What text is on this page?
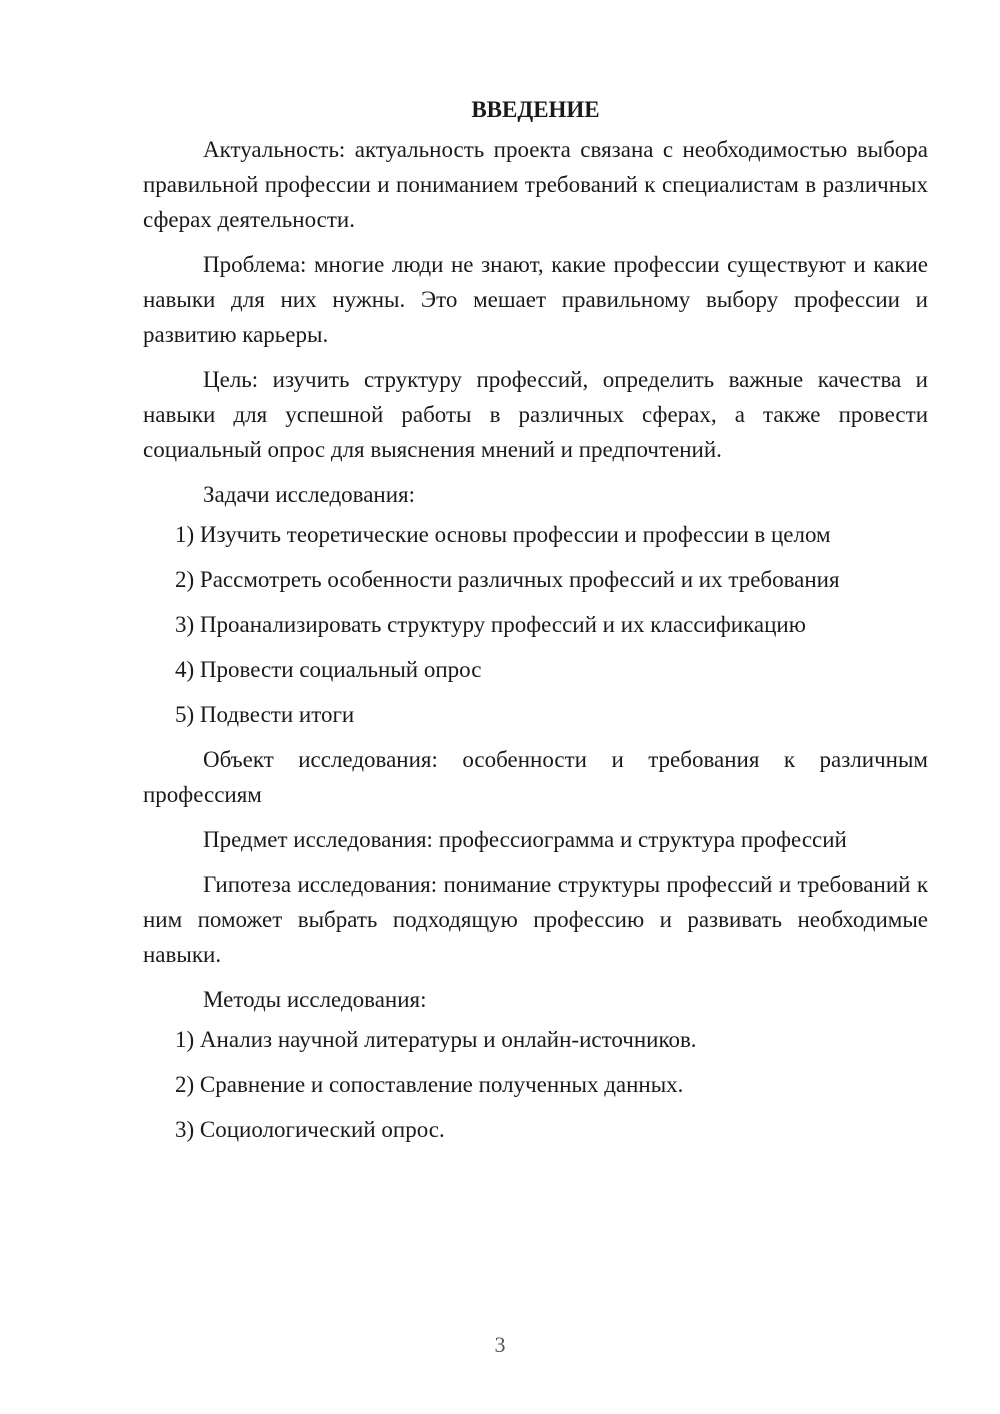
ВВЕДЕНИЕ

Актуальность: актуальность проекта связана с необходимостью выбора правильной профессии и пониманием требований к специалистам в различных сферах деятельности.

Проблема: многие люди не знают, какие профессии существуют и какие навыки для них нужны. Это мешает правильному выбору профессии и развитию карьеры.

Цель: изучить структуру профессий, определить важные качества и навыки для успешной работы в различных сферах, а также провести социальный опрос для выяснения мнений и предпочтений.

Задачи исследования:

1) Изучить теоретические основы профессии и профессии в целом
2) Рассмотреть особенности различных профессий и их требования
3) Проанализировать структуру профессий и их классификацию
4) Провести социальный опрос
5) Подвести итоги

Объект исследования: особенности и требования к различным профессиям

Предмет исследования: профессиограмма и структура профессий

Гипотеза исследования: понимание структуры профессий и требований к ним поможет выбрать подходящую профессию и развивать необходимые навыки.

Методы исследования:

1) Анализ научной литературы и онлайн-источников.
2) Сравнение и сопоставление полученных данных.
3) Социологический опрос.
3
